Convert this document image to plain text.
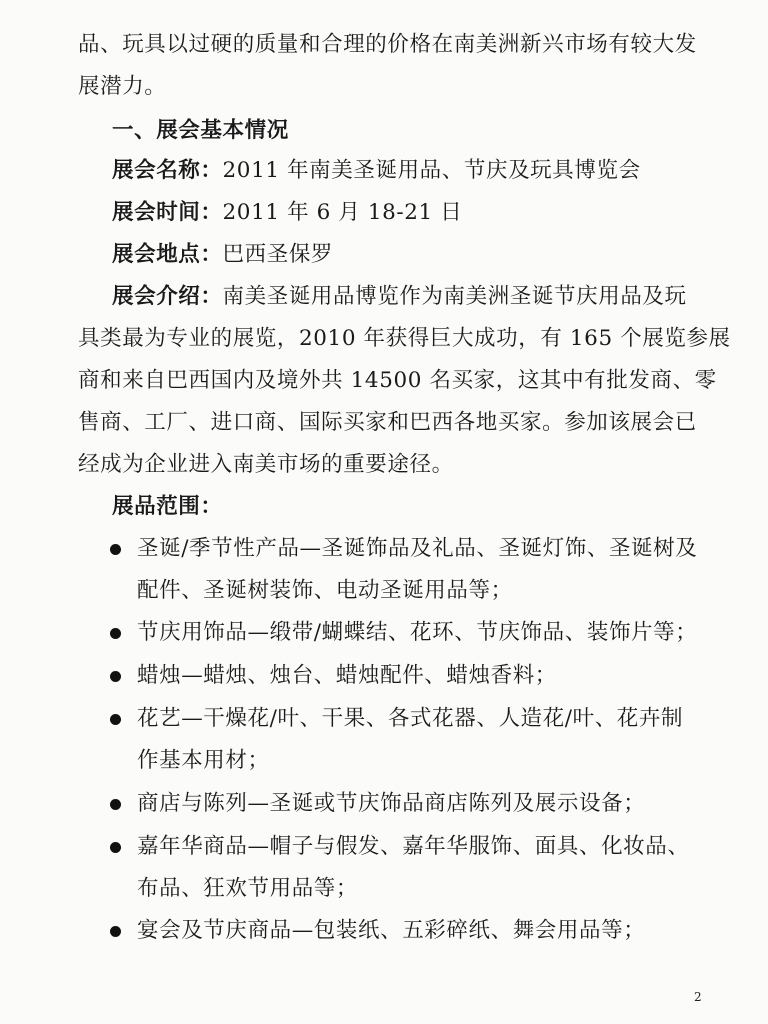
品、玩具以过硬的质量和合理的价格在南美洲新兴市场有较大发
展潜力。
一、展会基本情况
展会名称：2011 年南美圣诞用品、节庆及玩具博览会
展会时间：2011 年 6 月 18-21 日
展会地点：巴西圣保罗
展会介绍：南美圣诞用品博览作为南美洲圣诞节庆用品及玩
具类最为专业的展览，2010 年获得巨大成功，有 165 个展览参展
商和来自巴西国内及境外共 14500 名买家，这其中有批发商、零
售商、工厂、进口商、国际买家和巴西各地买家。参加该展会已
经成为企业进入南美市场的重要途径。
展品范围：
圣诞/季节性产品—圣诞饰品及礼品、圣诞灯饰、圣诞树及
配件、圣诞树装饰、电动圣诞用品等；
节庆用饰品—缎带/蝴蝶结、花环、节庆饰品、装饰片等；
蜡烛—蜡烛、烛台、蜡烛配件、蜡烛香料；
花艺—干燥花/叶、干果、各式花器、人造花/叶、花卉制
作基本用材；
商店与陈列—圣诞或节庆饰品商店陈列及展示设备；
嘉年华商品—帽子与假发、嘉年华服饰、面具、化妆品、
布品、狂欢节用品等；
宴会及节庆商品—包装纸、五彩碎纸、舞会用品等；
2
